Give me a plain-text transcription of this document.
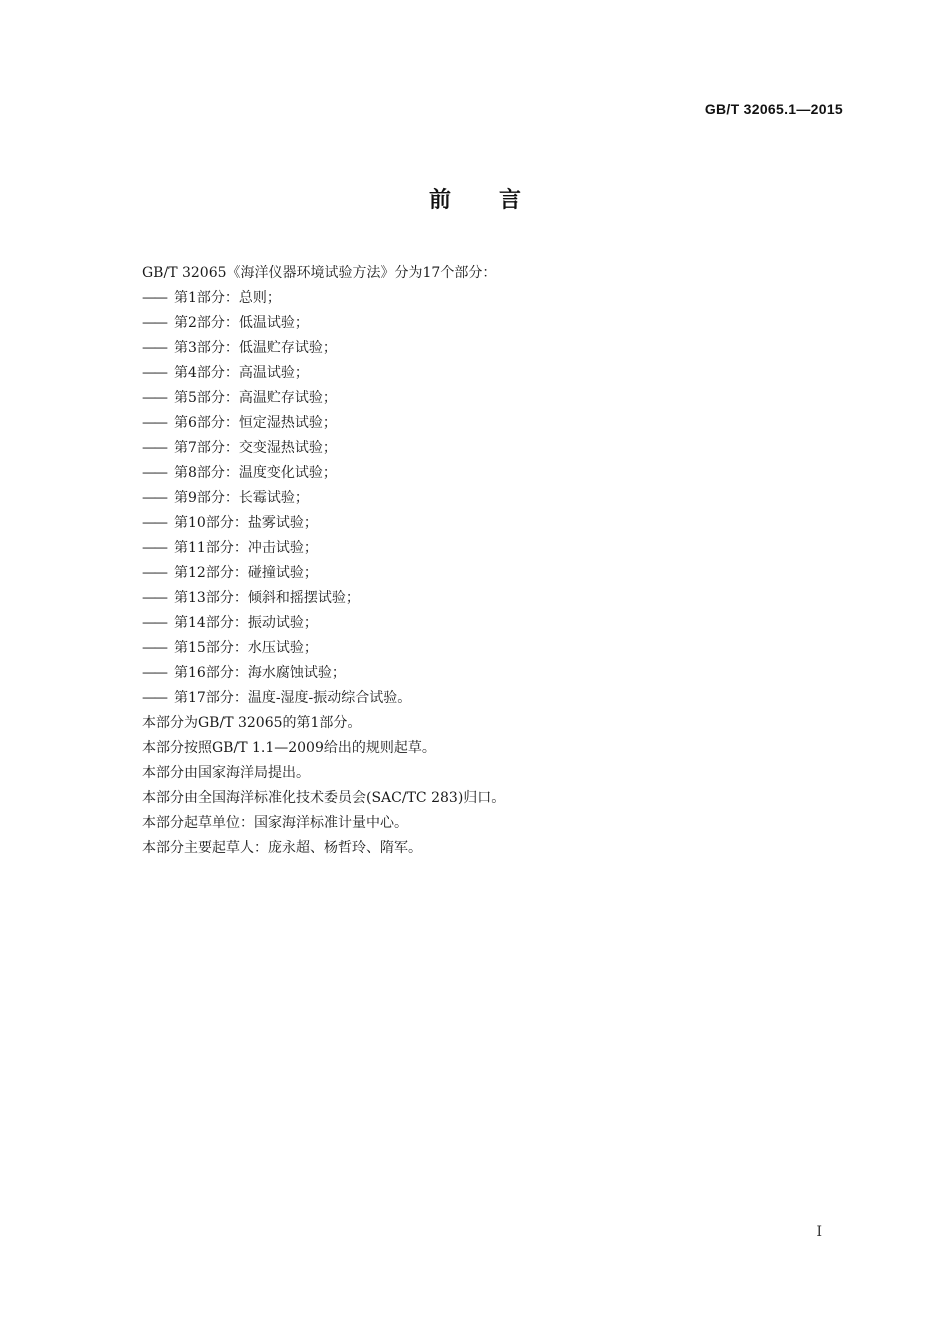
GB/T 32065.1—2015
前言
GB/T 32065《海洋仪器环境试验方法》分为17个部分：
—— 第1部分：总则；
—— 第2部分：低温试验；
—— 第3部分：低温贮存试验；
—— 第4部分：高温试验；
—— 第5部分：高温贮存试验；
—— 第6部分：恒定湿热试验；
—— 第7部分：交变湿热试验；
—— 第8部分：温度变化试验；
—— 第9部分：长霉试验；
—— 第10部分：盐雾试验；
—— 第11部分：冲击试验；
—— 第12部分：碰撞试验；
—— 第13部分：倾斜和摇摆试验；
—— 第14部分：振动试验；
—— 第15部分：水压试验；
—— 第16部分：海水腐蚀试验；
—— 第17部分：温度-湿度-振动综合试验。
本部分为GB/T 32065的第1部分。
本部分按照GB/T 1.1—2009给出的规则起草。
本部分由国家海洋局提出。
本部分由全国海洋标准化技术委员会(SAC/TC 283)归口。
本部分起草单位：国家海洋标准计量中心。
本部分主要起草人：庞永超、杨哲玲、隋军。
I
